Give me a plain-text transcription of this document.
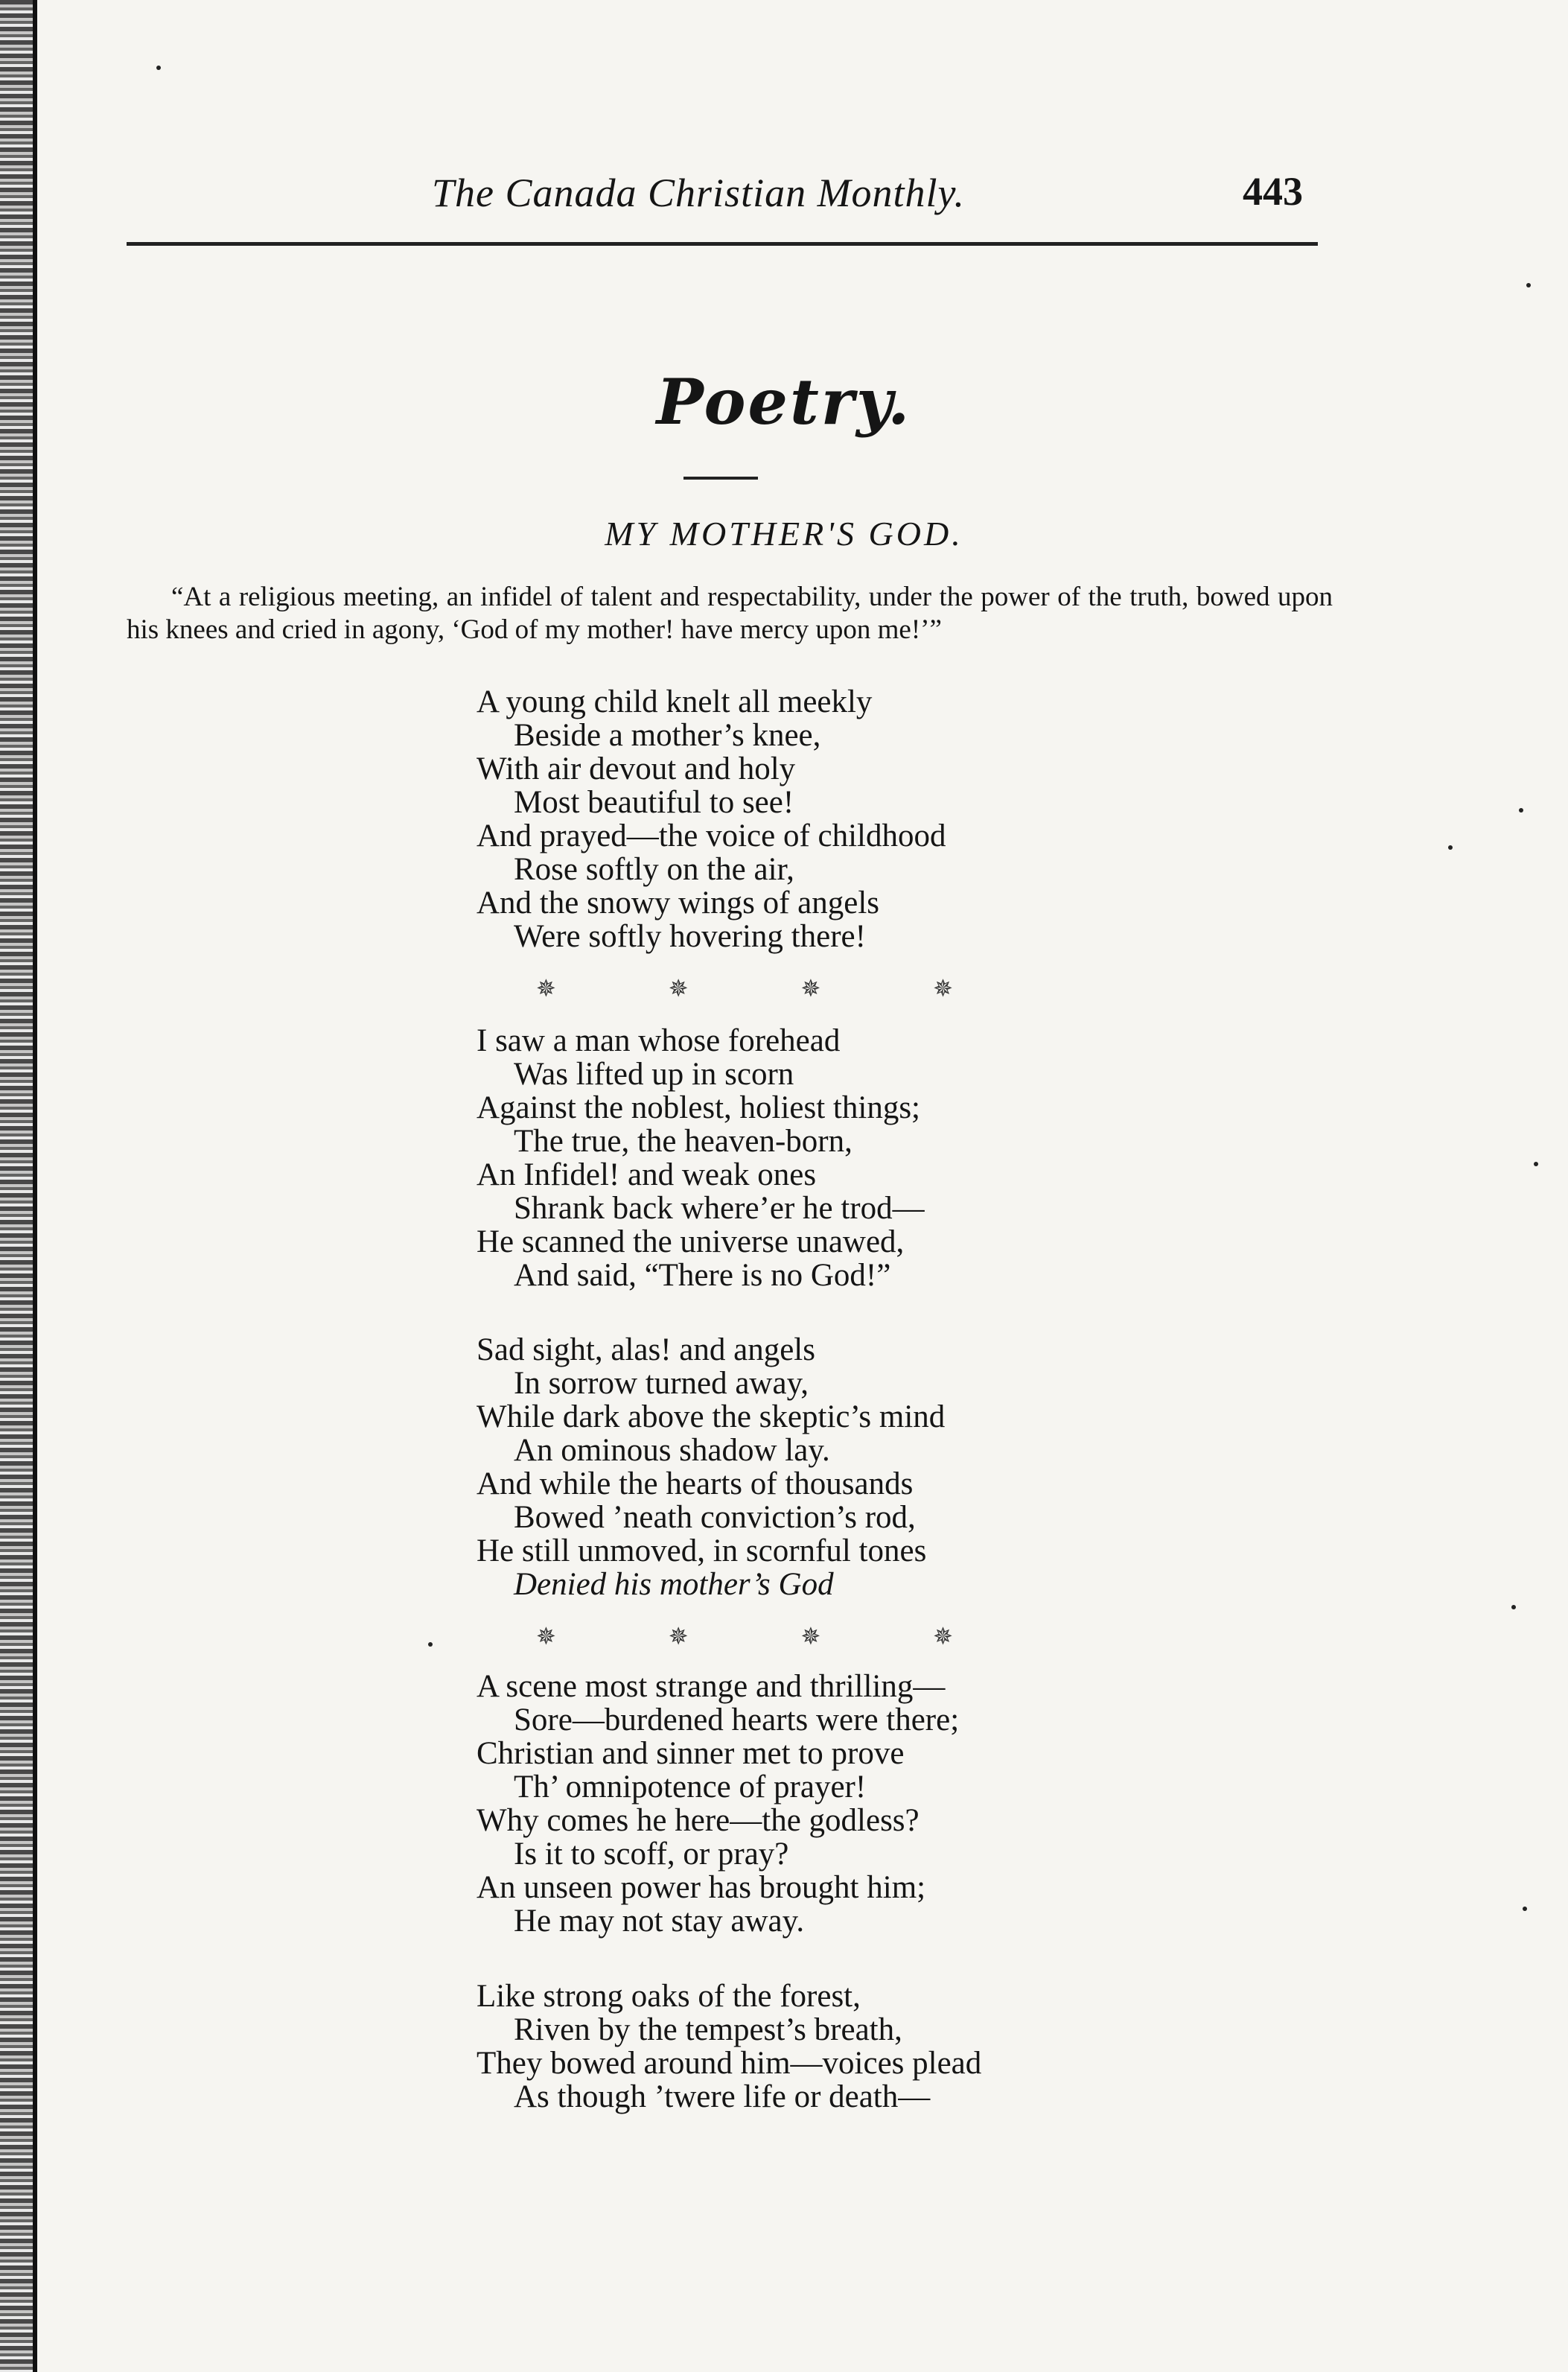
The Canada Christian Monthly.	443
Poetry.
MY MOTHER'S GOD.
“At a religious meeting, an infidel of talent and respectability, under the power of the truth, bowed upon his knees and cried in agony, ‘God of my mother! have mercy upon me!’”
A young child knelt all meekly
Beside a mother’s knee,
With air devout and holy
Most beautiful to see!
And prayed—the voice of childhood
Rose softly on the air,
And the snowy wings of angels
Were softly hovering there!
✵	✵	✵	✵
I saw a man whose forehead
Was lifted up in scorn
Against the noblest, holiest things;
The true, the heaven-born,
An Infidel! and weak ones
Shrank back where’er he trod—
He scanned the universe unawed,
And said, “There is no God!”
Sad sight, alas! and angels
In sorrow turned away,
While dark above the skeptic’s mind
An ominous shadow lay.
And while the hearts of thousands
Bowed ’neath conviction’s rod,
He still unmoved, in scornful tones
Denied his mother’s God
✵	✵	✵	✵
A scene most strange and thrilling—
Sore—burdened hearts were there;
Christian and sinner met to prove
Th’ omnipotence of prayer!
Why comes he here—the godless?
Is it to scoff, or pray?
An unseen power has brought him;
He may not stay away.
Like strong oaks of the forest,
Riven by the tempest’s breath,
They bowed around him—voices plead
As though ’twere life or death—
